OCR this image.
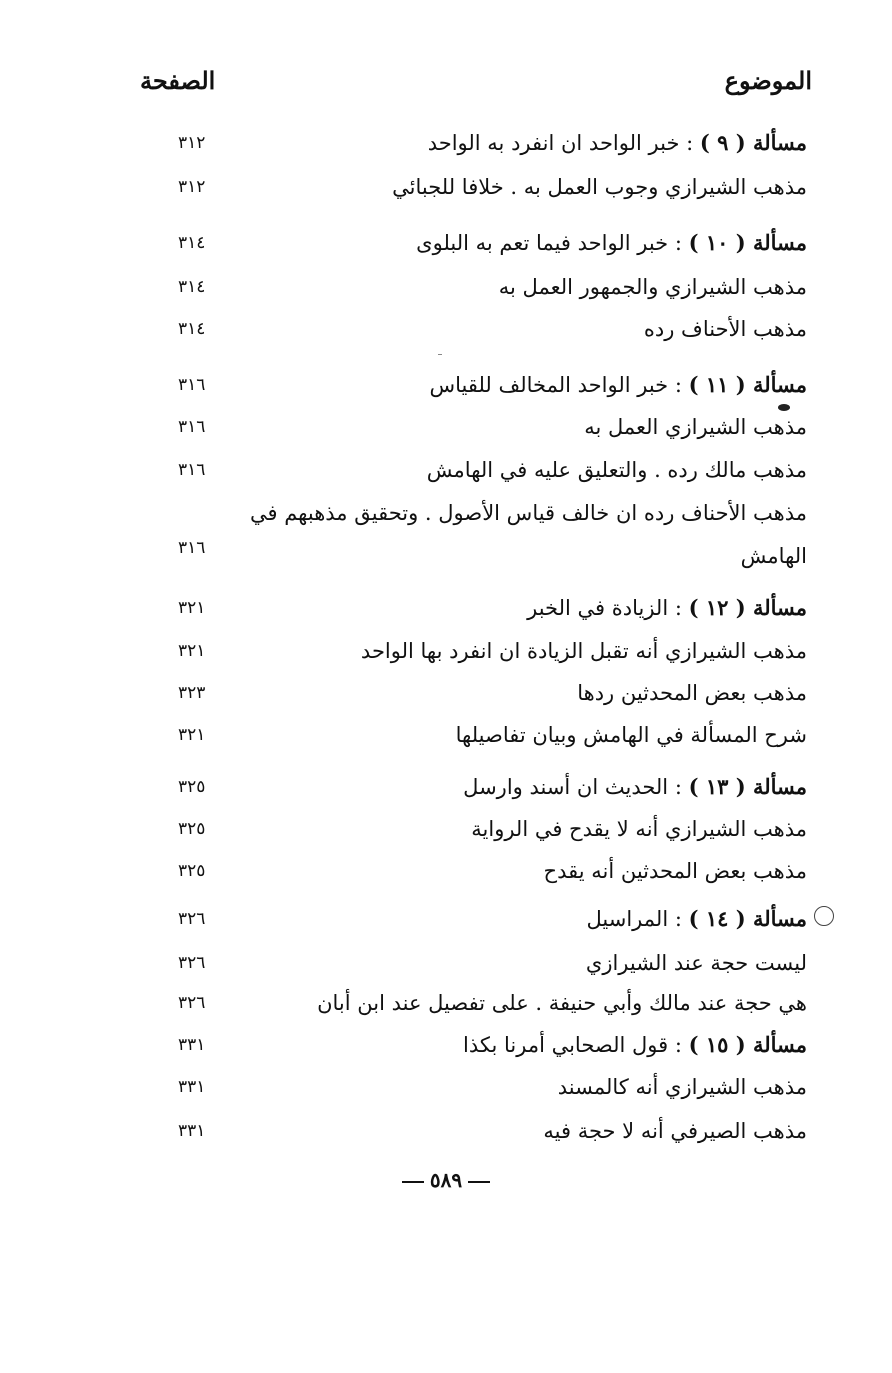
الموضوع
الصفحة
مسألة ( ٩ ) : خبر الواحد ان انفرد به الواحد
٣١٢
مذهب الشيرازي وجوب العمل به . خلافا للجبائي
٣١٢
مسألة ( ١٠ ) : خبر الواحد فيما تعم به البلوى
٣١٤
مذهب الشيرازي والجمهور العمل به
٣١٤
مذهب الأحناف رده
٣١٤
مسألة ( ١١ ) : خبر الواحد المخالف للقياس
٣١٦
مذهب الشيرازي العمل به
٣١٦
مذهب مالك رده . والتعليق عليه في الهامش
٣١٦
مذهب الأحناف رده ان خالف قياس الأصول . وتحقيق مذهبهم في
الهامش
٣١٦
مسألة ( ١٢ ) : الزيادة في الخبر
٣٢١
مذهب الشيرازي أنه تقبل الزيادة ان انفرد بها الواحد
٣٢١
مذهب بعض المحدثين ردها
٣٢٣
شرح المسألة في الهامش وبيان تفاصيلها
٣٢١
مسألة ( ١٣ ) : الحديث ان أسند وارسل
٣٢٥
مذهب الشيرازي أنه لا يقدح في الرواية
٣٢٥
مذهب بعض المحدثين أنه يقدح
٣٢٥
مسألة ( ١٤ ) : المراسيل
٣٢٦
ليست حجة عند الشيرازي
٣٢٦
هي حجة عند مالك وأبي حنيفة . على تفصيل عند ابن أبان
٣٢٦
مسألة ( ١٥ ) : قول الصحابي أمرنا بكذا
٣٣١
مذهب الشيرازي أنه كالمسند
٣٣١
مذهب الصيرفي أنه لا حجة فيه
٣٣١
٥٨٩
